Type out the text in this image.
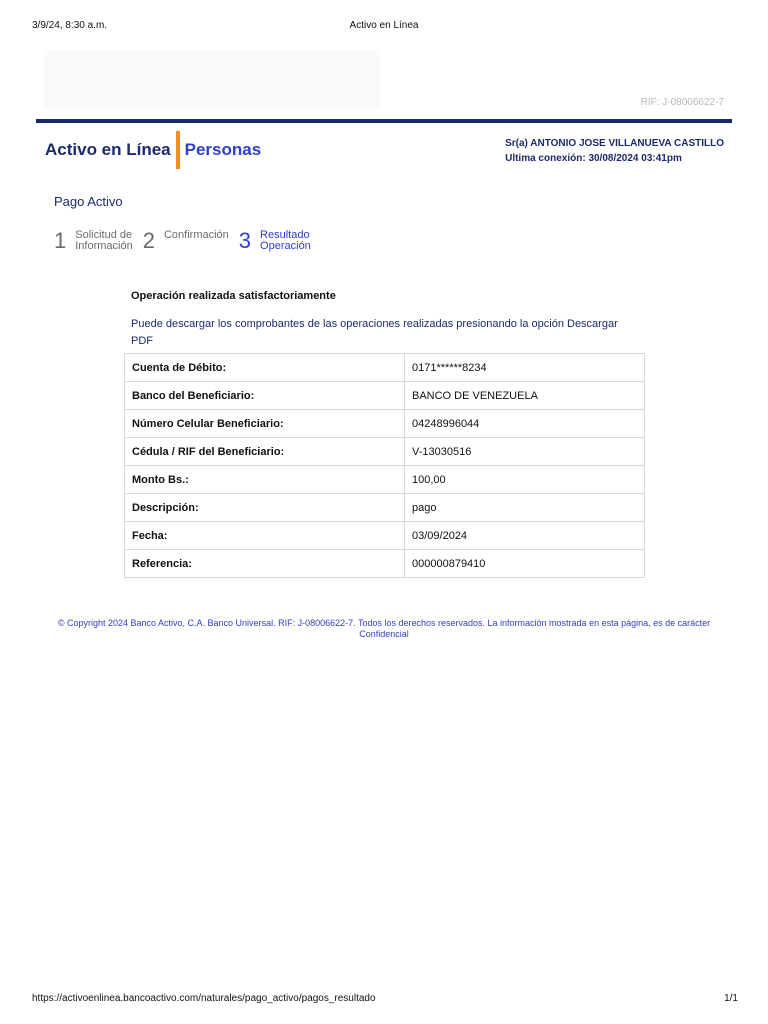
3/9/24, 8:30 a.m.	Activo en Línea
RIF: J-08006622-7
Activo en Línea Personas	Sr(a) ANTONIO JOSE VILLANUEVA CASTILLO
Ultima conexión: 30/08/2024 03:41pm
Pago Activo
1 Solicitud de
Información 2 Confirmación 3 Resultado
Operación
Operación realizada satisfactoriamente
Puede descargar los comprobantes de las operaciones realizadas presionando la opción Descargar PDF
Cuenta de Débito:	0171******8234
Banco del Beneficiario:	BANCO DE VENEZUELA
Número Celular Beneficiario:	04248996044
Cédula / RIF del Beneficiario:	V-13030516
Monto Bs.:	100,00
Descripción:	pago
Fecha:	03/09/2024
Referencia:	000000879410
© Copyright 2024 Banco Activo, C.A. Banco Universal. RIF: J-08006622-7. Todos los derechos reservados. La información mostrada en esta página, es de carácter Confidencial
https://activoenlinea.bancoactivo.com/naturales/pago_activo/pagos_resultado	1/1
